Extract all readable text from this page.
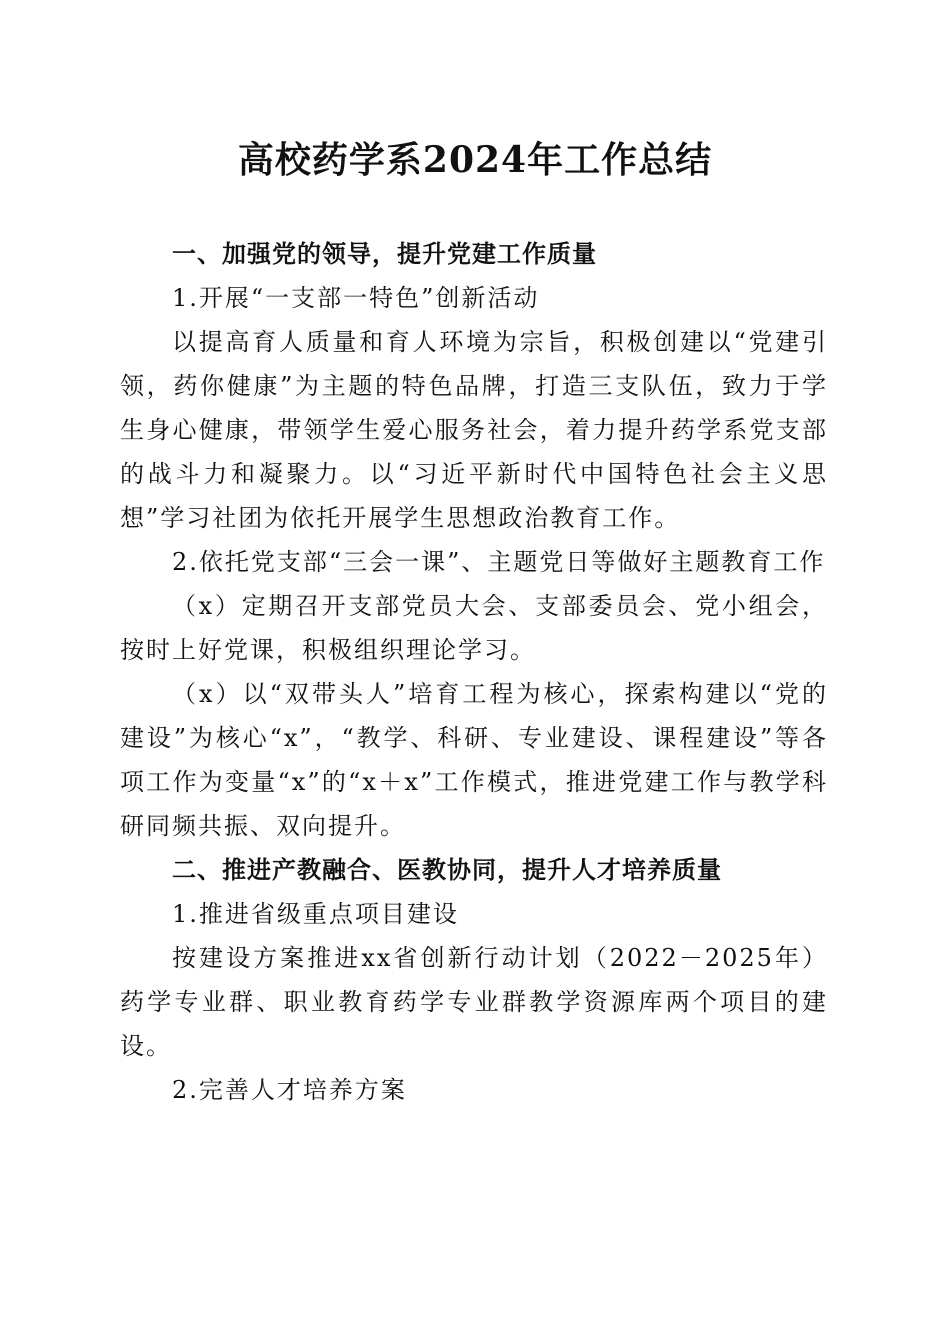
高校药学系2024年工作总结

一、加强党的领导，提升党建工作质量

1.开展“一支部一特色”创新活动

以提高育人质量和育人环境为宗旨，积极创建以“党建引领，药你健康”为主题的特色品牌，打造三支队伍，致力于学生身心健康，带领学生爱心服务社会，着力提升药学系党支部的战斗力和凝聚力。以“习近平新时代中国特色社会主义思想”学习社团为依托开展学生思想政治教育工作。

2.依托党支部“三会一课”、主题党日等做好主题教育工作

（x）定期召开支部党员大会、支部委员会、党小组会，按时上好党课，积极组织理论学习。

（x）以“双带头人”培育工程为核心，探索构建以“党的建设”为核心“x”，“教学、科研、专业建设、课程建设”等各项工作为变量“x”的“x＋x”工作模式，推进党建工作与教学科研同频共振、双向提升。

二、推进产教融合、医教协同，提升人才培养质量

1.推进省级重点项目建设

按建设方案推进xx省创新行动计划（2022－2025年）药学专业群、职业教育药学专业群教学资源库两个项目的建设。

2.完善人才培养方案
